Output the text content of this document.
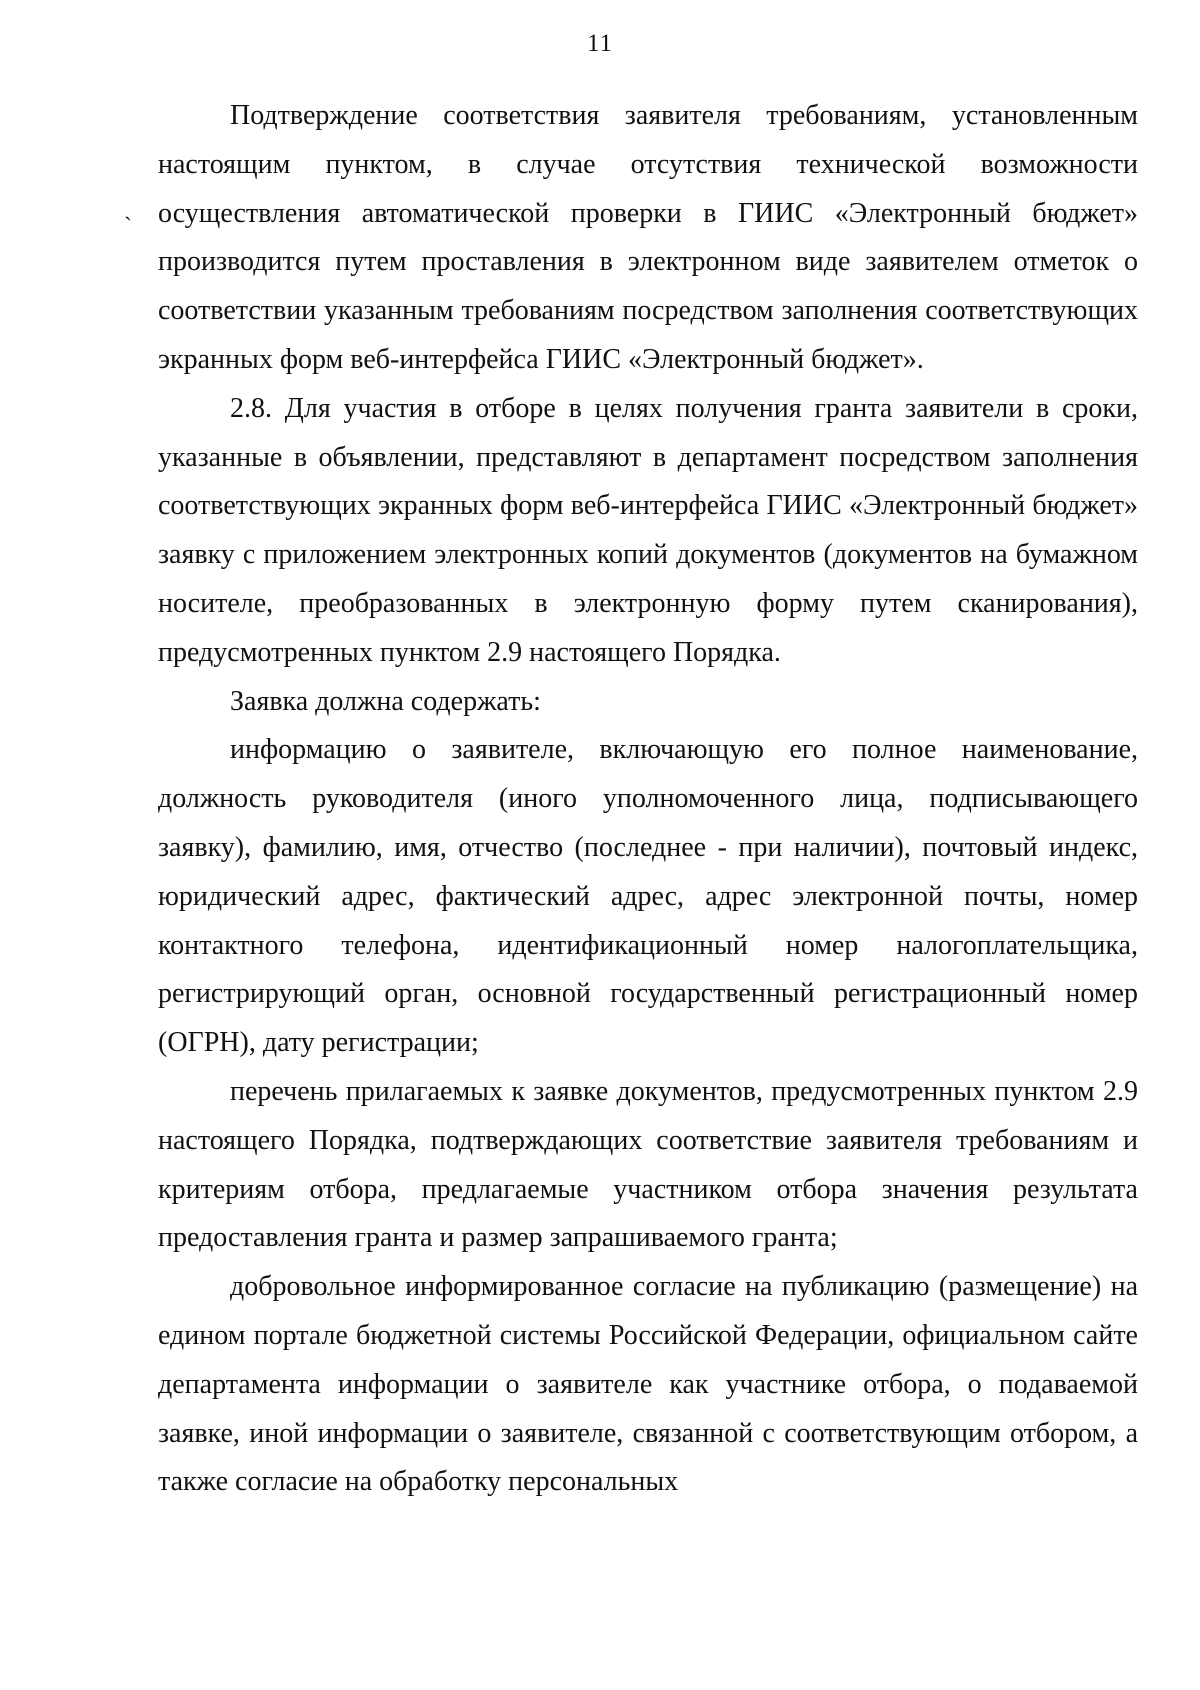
11
ˏ

Подтверждение соответствия заявителя требованиям, установленным настоящим пунктом, в случае отсутствия технической возможности осуществления автоматической проверки в ГИИС «Электронный бюджет» производится путем проставления в электронном виде заявителем отметок о соответствии указанным требованиям посредством заполнения соответствующих экранных форм веб-интерфейса ГИИС «Электронный бюджет».

2.8. Для участия в отборе в целях получения гранта заявители в сроки, указанные в объявлении, представляют в департамент посредством заполнения соответствующих экранных форм веб-интерфейса ГИИС «Электронный бюджет» заявку с приложением электронных копий документов (документов на бумажном носителе, преобразованных в электронную форму путем сканирования), предусмотренных пунктом 2.9 настоящего Порядка.

Заявка должна содержать:

информацию о заявителе, включающую его полное наименование, должность руководителя (иного уполномоченного лица, подписывающего заявку), фамилию, имя, отчество (последнее - при наличии), почтовый индекс, юридический адрес, фактический адрес, адрес электронной почты, номер контактного телефона, идентификационный номер налогоплательщика, регистрирующий орган, основной государственный регистрационный номер (ОГРН), дату регистрации;

перечень прилагаемых к заявке документов, предусмотренных пунктом 2.9 настоящего Порядка, подтверждающих соответствие заявителя требованиям и критериям отбора, предлагаемые участником отбора значения результата предоставления гранта и размер запрашиваемого гранта;

добровольное информированное согласие на публикацию (размещение) на едином портале бюджетной системы Российской Федерации, официальном сайте департамента информации о заявителе как участнике отбора, о подаваемой заявке, иной информации о заявителе, связанной с соответствующим отбором, а также согласие на обработку персональных
